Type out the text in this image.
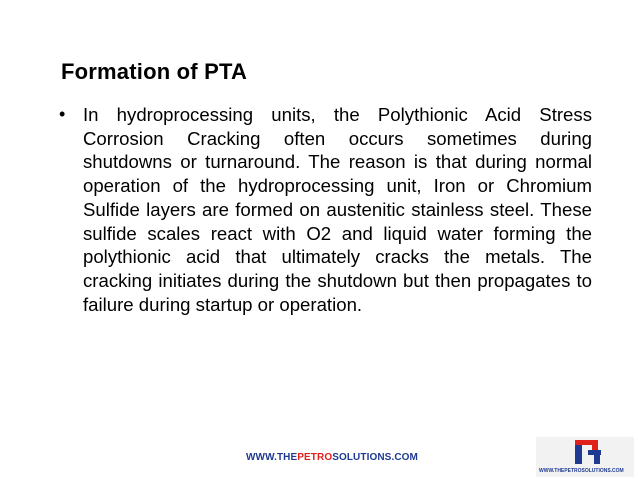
Formation of PTA
• In hydroprocessing units, the Polythionic Acid Stress Corrosion Cracking often occurs sometimes during shutdowns or turnaround. The reason is that during normal operation of the hydroprocessing unit, Iron or Chromium Sulfide layers are formed on austenitic stainless steel. These sulfide scales react with O2 and liquid water forming the polythionic acid that ultimately cracks the metals. The cracking initiates during the shutdown but then propagates to failure during startup or operation.
WWW.THEPETROSOLUTIONS.COM
WWW.THEPETROSOLUTIONS.COM
